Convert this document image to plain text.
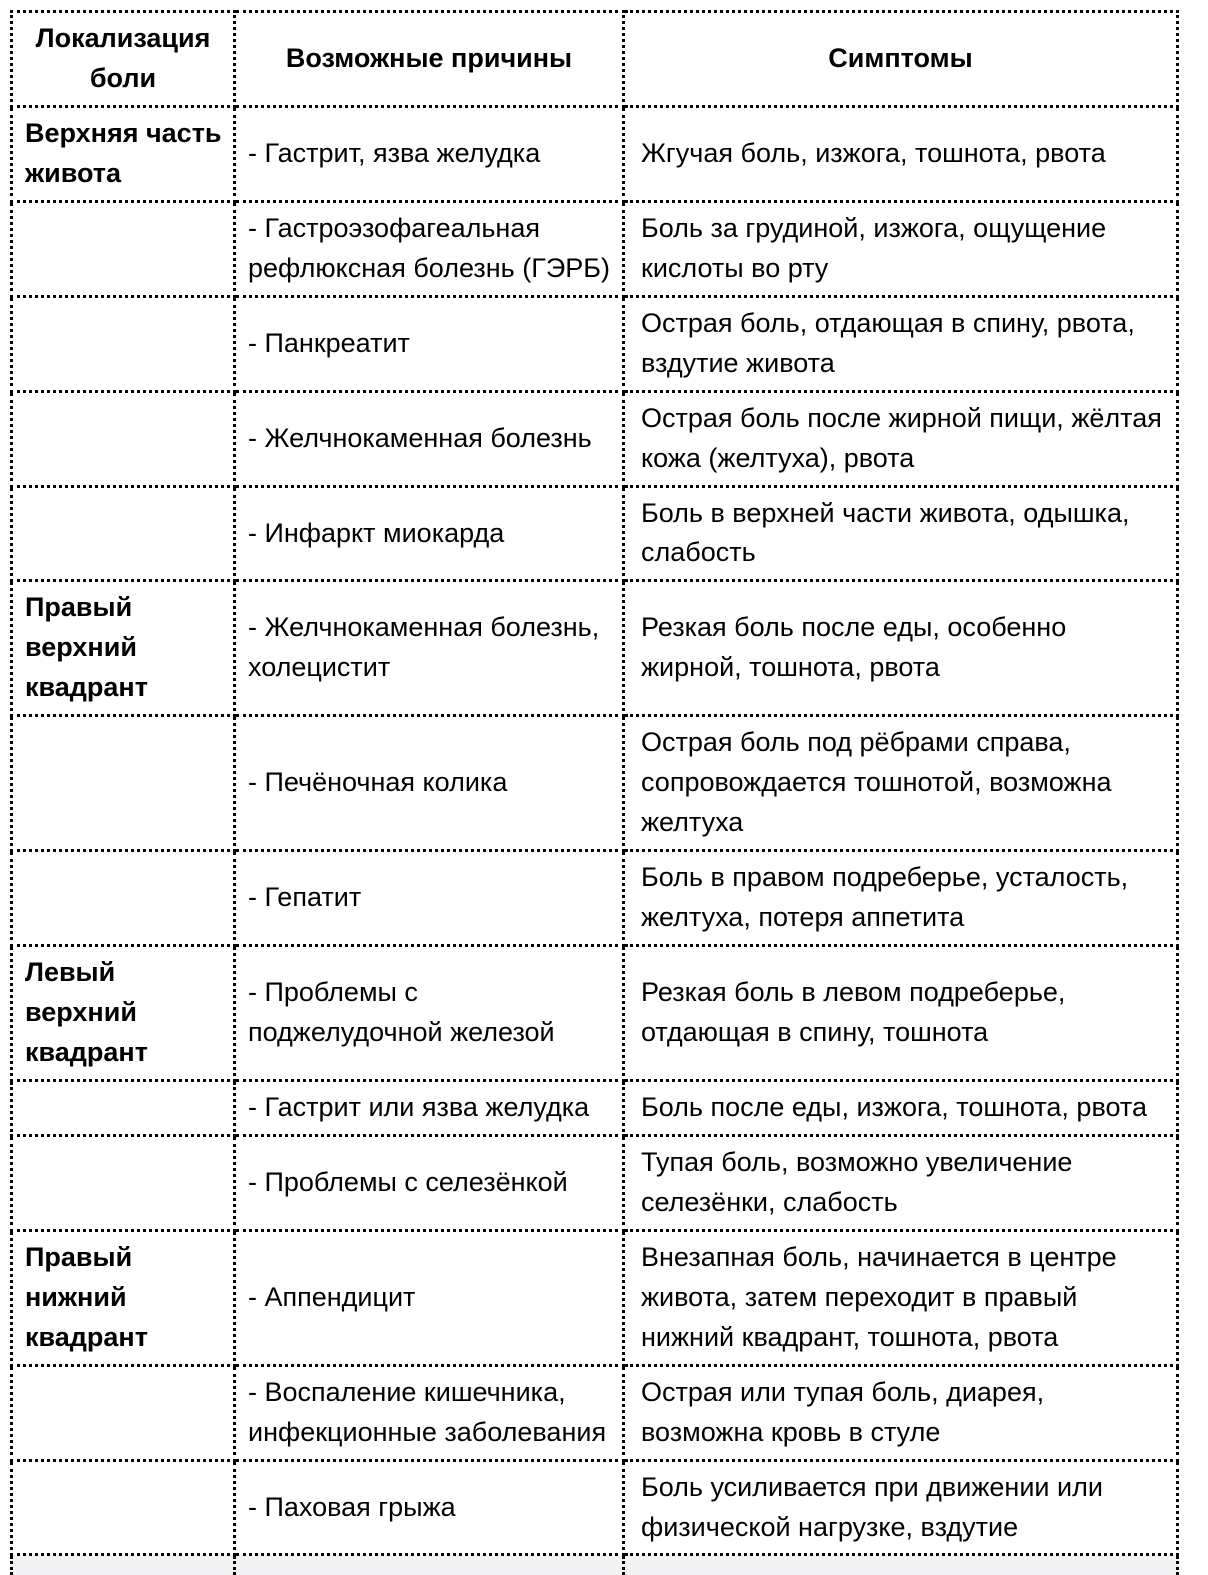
Локализация боли	Возможные причины	Симптомы
Верхняя часть живота	- Гастрит, язва желудка	Жгучая боль, изжога, тошнота, рвота
	- Гастроэзофагеальная рефлюксная болезнь (ГЭРБ)	Боль за грудиной, изжога, ощущение кислоты во рту
	- Панкреатит	Острая боль, отдающая в спину, рвота, вздутие живота
	- Желчнокаменная болезнь	Острая боль после жирной пищи, жёлтая кожа (желтуха), рвота
	- Инфаркт миокарда	Боль в верхней части живота, одышка, слабость
Правый верхний квадрант	- Желчнокаменная болезнь, холецистит	Резкая боль после еды, особенно жирной, тошнота, рвота
	- Печёночная колика	Острая боль под рёбрами справа, сопровождается тошнотой, возможна желтуха
	- Гепатит	Боль в правом подреберье, усталость, желтуха, потеря аппетита
Левый верхний квадрант	- Проблемы с поджелудочной железой	Резкая боль в левом подреберье, отдающая в спину, тошнота
	- Гастрит или язва желудка	Боль после еды, изжога, тошнота, рвота
	- Проблемы с селезёнкой	Тупая боль, возможно увеличение селезёнки, слабость
Правый нижний квадрант	- Аппендицит	Внезапная боль, начинается в центре живота, затем переходит в правый нижний квадрант, тошнота, рвота
	- Воспаление кишечника, инфекционные заболевания	Острая или тупая боль, диарея, возможна кровь в стуле
	- Паховая грыжа	Боль усиливается при движении или физической нагрузке, вздутие
